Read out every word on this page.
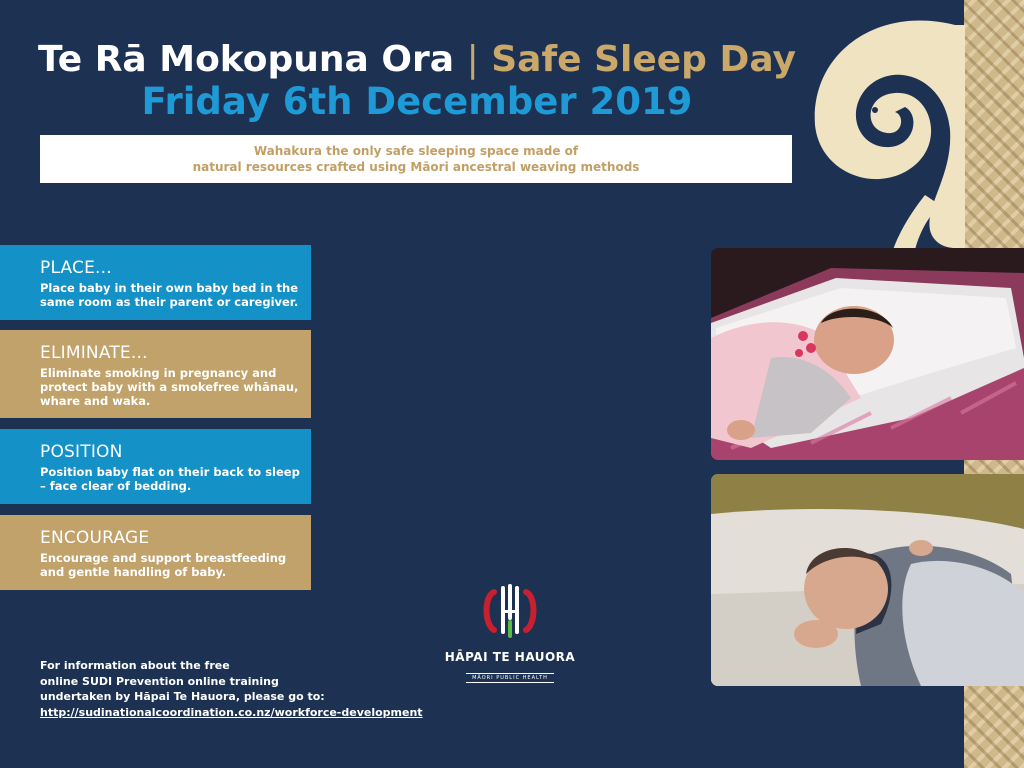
Te Rā Mokopuna Ora | Safe Sleep Day
Friday 6th December 2019
Wahakura the only safe sleeping space made of
natural resources crafted using Māori ancestral weaving methods
PLACE...
Place baby in their own baby bed in the same room as their parent or caregiver.
ELIMINATE...
Eliminate smoking in pregnancy and protect baby with a smokefree whānau, whare and waka.
POSITION
Position baby flat on their back to sleep – face clear of bedding.
ENCOURAGE
Encourage and support breastfeeding and gentle handling of baby.
HĀPAI TE HAUORA
MĀORI PUBLIC HEALTH
For information about the free
online SUDI Prevention online training
undertaken by Hāpai Te Hauora, please go to:
http://sudinationalcoordination.co.nz/workforce-development
